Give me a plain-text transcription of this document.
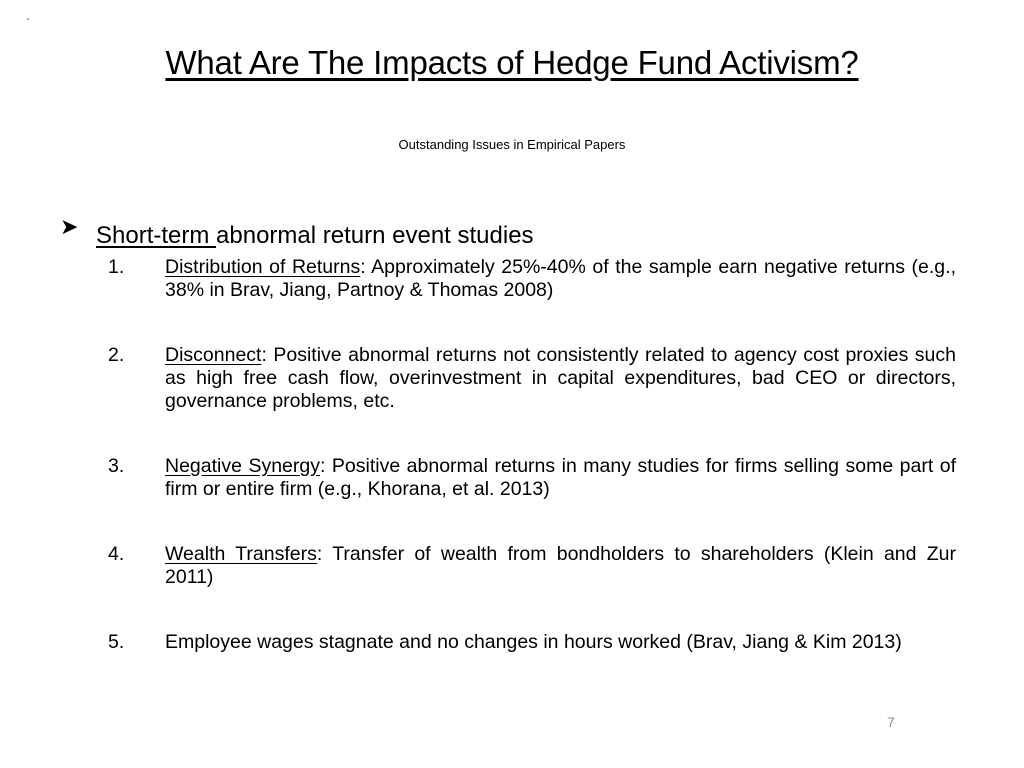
-
What Are The Impacts of Hedge Fund Activism?
Outstanding Issues in Empirical Papers
➤ Short-term abnormal return event studies
1.	Distribution of Returns: Approximately 25%-40% of the sample earn negative returns (e.g., 38% in Brav, Jiang, Partnoy & Thomas 2008)
2.	Disconnect: Positive abnormal returns not consistently related to agency cost proxies such as high free cash flow, overinvestment in capital expenditures, bad CEO or directors, governance problems, etc.
3.	Negative Synergy: Positive abnormal returns in many studies for firms selling some part of firm or entire firm (e.g., Khorana, et al. 2013)
4.	Wealth Transfers: Transfer of wealth from bondholders to shareholders (Klein and Zur 2011)
5.	Employee wages stagnate and no changes in hours worked (Brav, Jiang & Kim 2013)
7
